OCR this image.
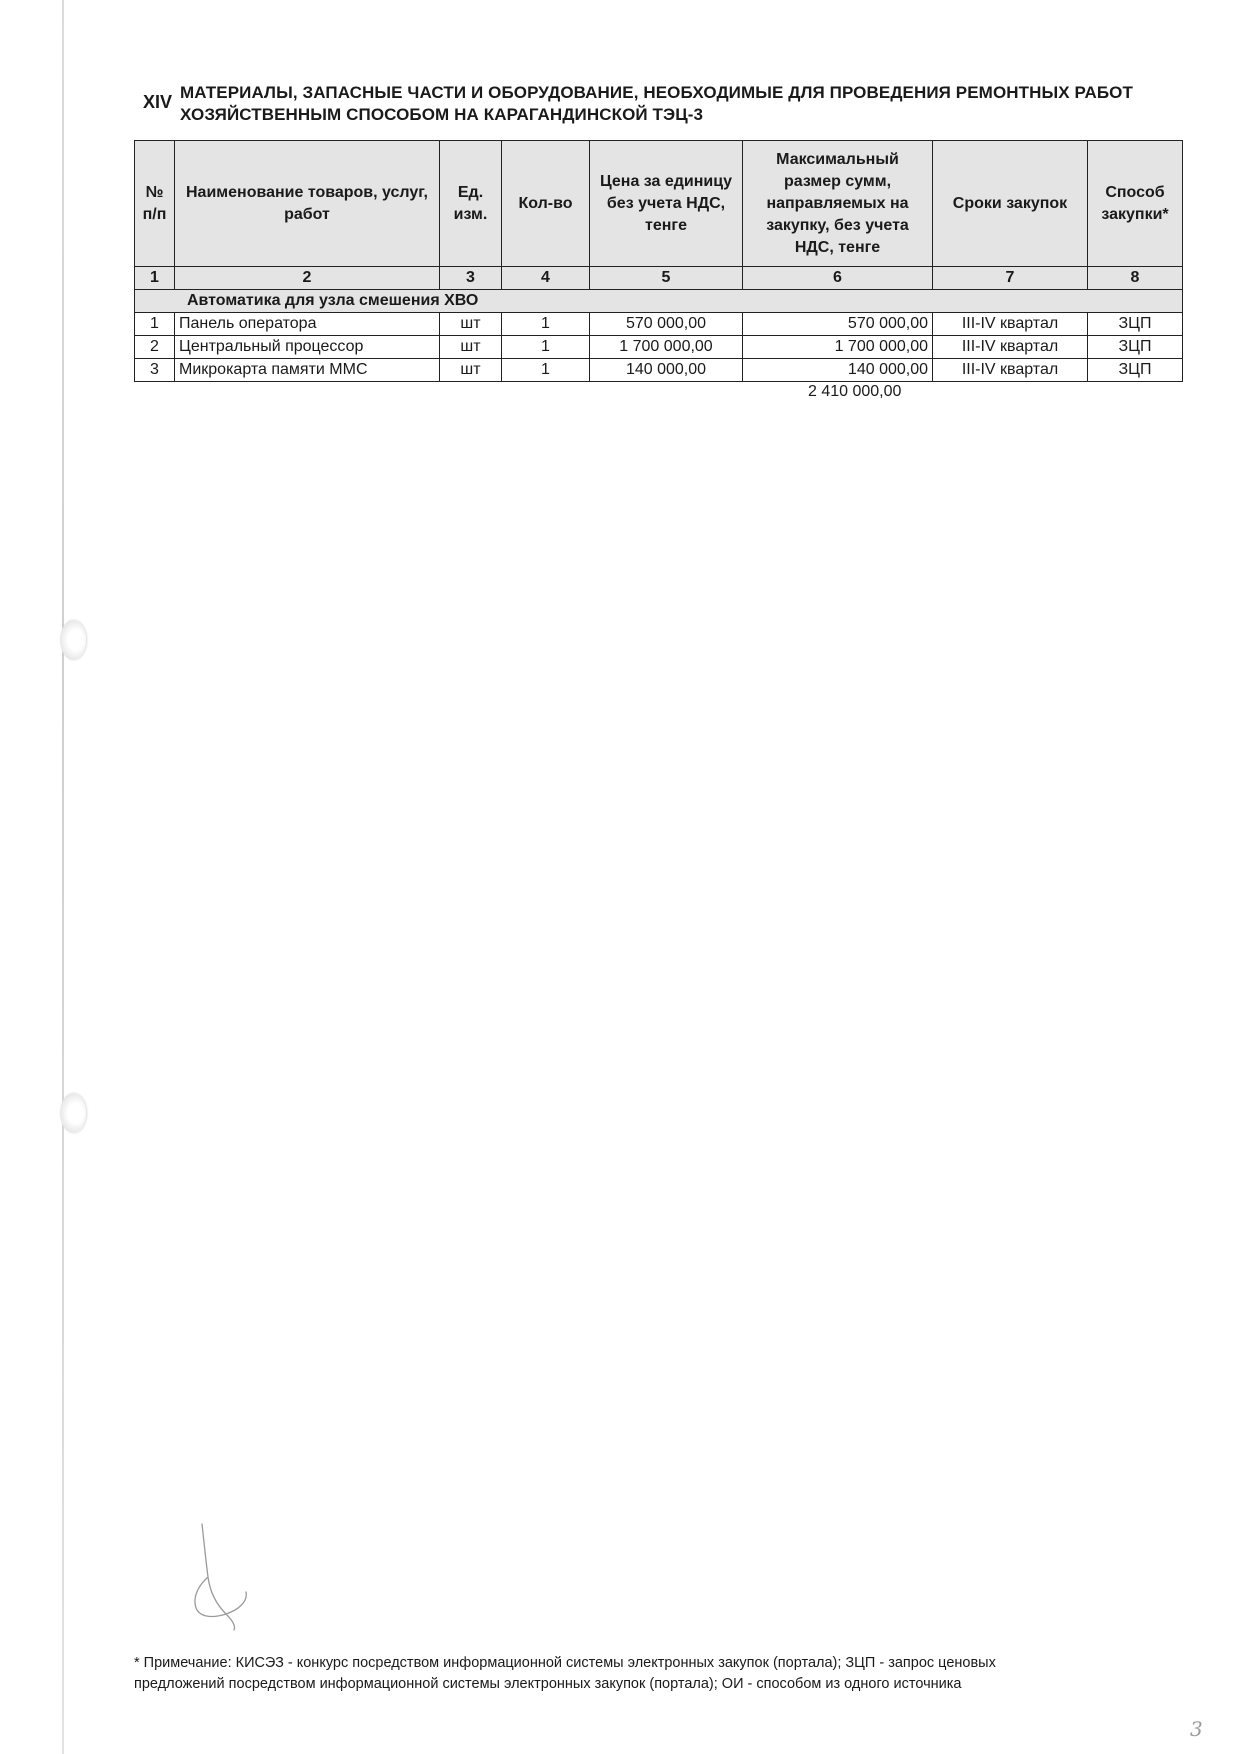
XIV МАТЕРИАЛЫ, ЗАПАСНЫЕ ЧАСТИ И ОБОРУДОВАНИЕ, НЕОБХОДИМЫЕ ДЛЯ ПРОВЕДЕНИЯ РЕМОНТНЫХ РАБОТ
ХОЗЯЙСТВЕННЫМ СПОСОБОМ НА КАРАГАНДИНСКОЙ ТЭЦ-3
№ п/п	Наименование товаров, услуг, работ	Ед. изм.	Кол-во	Цена за единицу без учета НДС, тенге	Максимальный размер сумм, направляемых на закупку, без учета НДС, тенге	Сроки закупок	Способ закупки*
1	2	3	4	5	6	7	8
Автоматика для узла смешения ХВО							
1	Панель оператора	шт	1	570 000,00	570 000,00	III-IV квартал	ЗЦП
2	Центральный процессор	шт	1	1 700 000,00	1 700 000,00	III-IV квартал	ЗЦП
3	Микрокарта памяти ММС	шт	1	140 000,00	140 000,00	III-IV квартал	ЗЦП
2 410 000,00
* Примечание: КИСЭЗ - конкурс посредством информационной системы электронных закупок (портала); ЗЦП - запрос ценовых
предложений посредством информационной системы электронных закупок (портала); ОИ - способом из одного источника
3
